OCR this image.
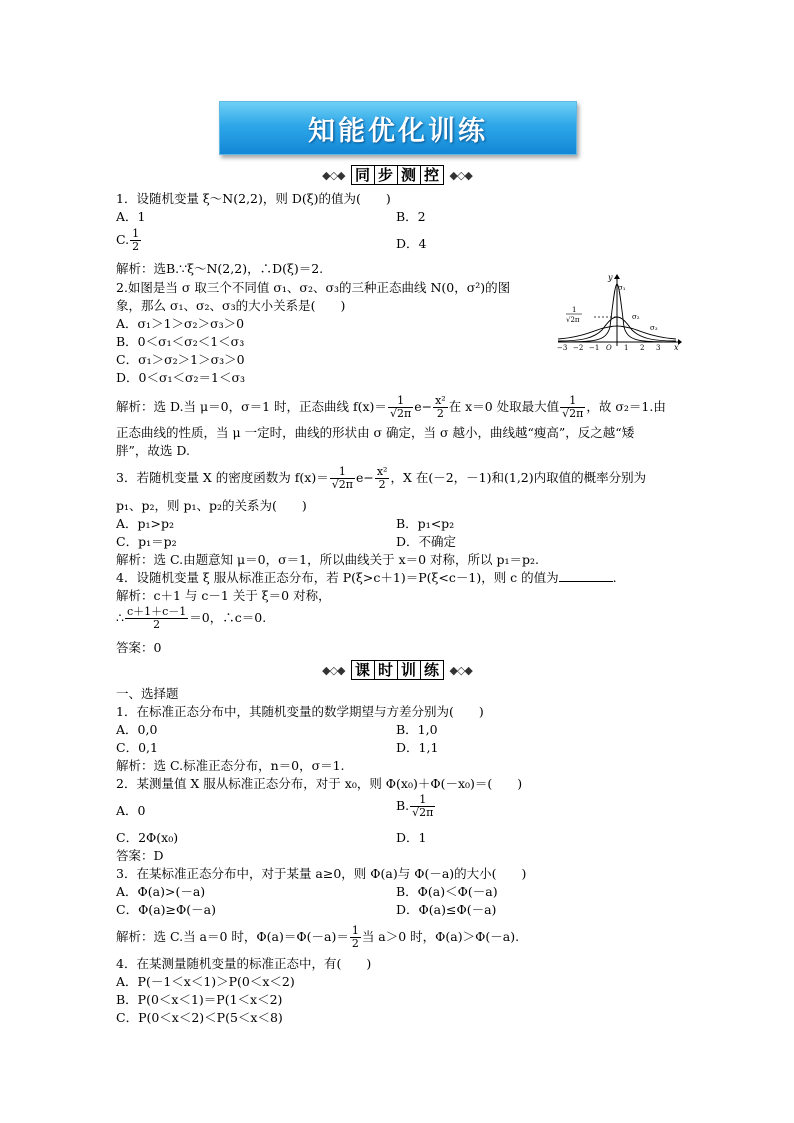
知能优化训练
◆◇◆ 同 步 测 控 ◆◇◆
1．设随机变量 ξ～N(2,2)，则 D(ξ)的值为(　　)
A．1	B．2
C. $\frac{1}{2}$	D．4
解析：选B.∵ξ～N(2,2)，∴D(ξ)＝2.
2.如图是当 σ 取三个不同值 σ₁、σ₂、σ₃的三种正态曲线 N(0，σ²)的图
象，那么 σ₁、σ₂、σ₃的大小关系是(　　)
A．σ₁＞1＞σ₂＞σ₃＞0
B．0＜σ₁＜σ₂＜1＜σ₃
C．σ₁＞σ₂＞1＞σ₃＞0
D．0＜σ₁＜σ₂＝1＜σ₃
y
x
σ₁
σ₂
σ₃
1
√2π
−3 −2 −1 O 1 2 3
解析：选 D.当 μ＝0，σ＝1 时，正态曲线 $f(x)= \frac{1}{√2\pi} e- \frac{\text{x²}}{2}$ 在 x＝0 处取最大值 $\frac{1}{√2\pi}$ ，故 σ₂＝1.由
正态曲线的性质，当 μ 一定时，曲线的形状由 σ 确定，当 σ 越小，曲线越“瘦高”，反之越“矮
胖”，故选 D.
3．若随机变量 X 的密度函数为 $f(x)= \frac{1}{√2\pi} e- \frac{\text{x²}}{2}$ ，X 在(－2，－1)和(1,2)内取值的概率分别为
p₁、p₂，则 p₁、p₂的关系为(　　)
A．p₁>p₂	B．p₁<p₂
C．p₁＝p₂	D．不确定
解析：选 C.由题意知 μ＝0，σ＝1，所以曲线关于 x＝0 对称，所以 p₁＝p₂.
4．设随机变量 ξ 服从标准正态分布，若 P(ξ>c＋1)＝P(ξ<c－1)，则 c 的值为	.
解析：c＋1 与 c－1 关于 ξ＝0 对称，
∴ $\frac{c+1+c-1}{2} =0$，∴c＝0.
答案：0
◆◇◆ 课 时 训 练 ◆◇◆
一、选择题
1．在标准正态分布中，其随机变量的数学期望与方差分别为(　　)
A．0,0	B．1,0
C．0,1	D．1,1
解析：选 C.标准正态分布，n＝0，σ＝1.
2．某测量值 X 服从标准正态分布，对于 x₀，则 Φ(x₀)＋Φ(－x₀)＝(　　)
A．0	B. $\frac{1}{√2\pi}$
C．2Φ(x₀)	D．1
答案：D
3．在某标准正态分布中，对于某量 a≥0，则 Φ(a)与 Φ(－a)的大小(　　)
A．Φ(a)>(－a)	B．Φ(a)＜Φ(－a)
C．Φ(a)≥Φ(－a)	D．Φ(a)≤Φ(－a)
解析：选 C.当 a＝0 时，$\Phi(a)=\Phi(-a)= \frac{1}{2}$ 当 a＞0 时，Φ(a)＞Φ(－a).
4．在某测量随机变量的标准正态中，有(　　)
A．P(－1＜x＜1)＞P(0＜x＜2)
B．P(0＜x＜1)＝P(1＜x＜2)
C．P(0＜x＜2)＜P(5＜x＜8)
